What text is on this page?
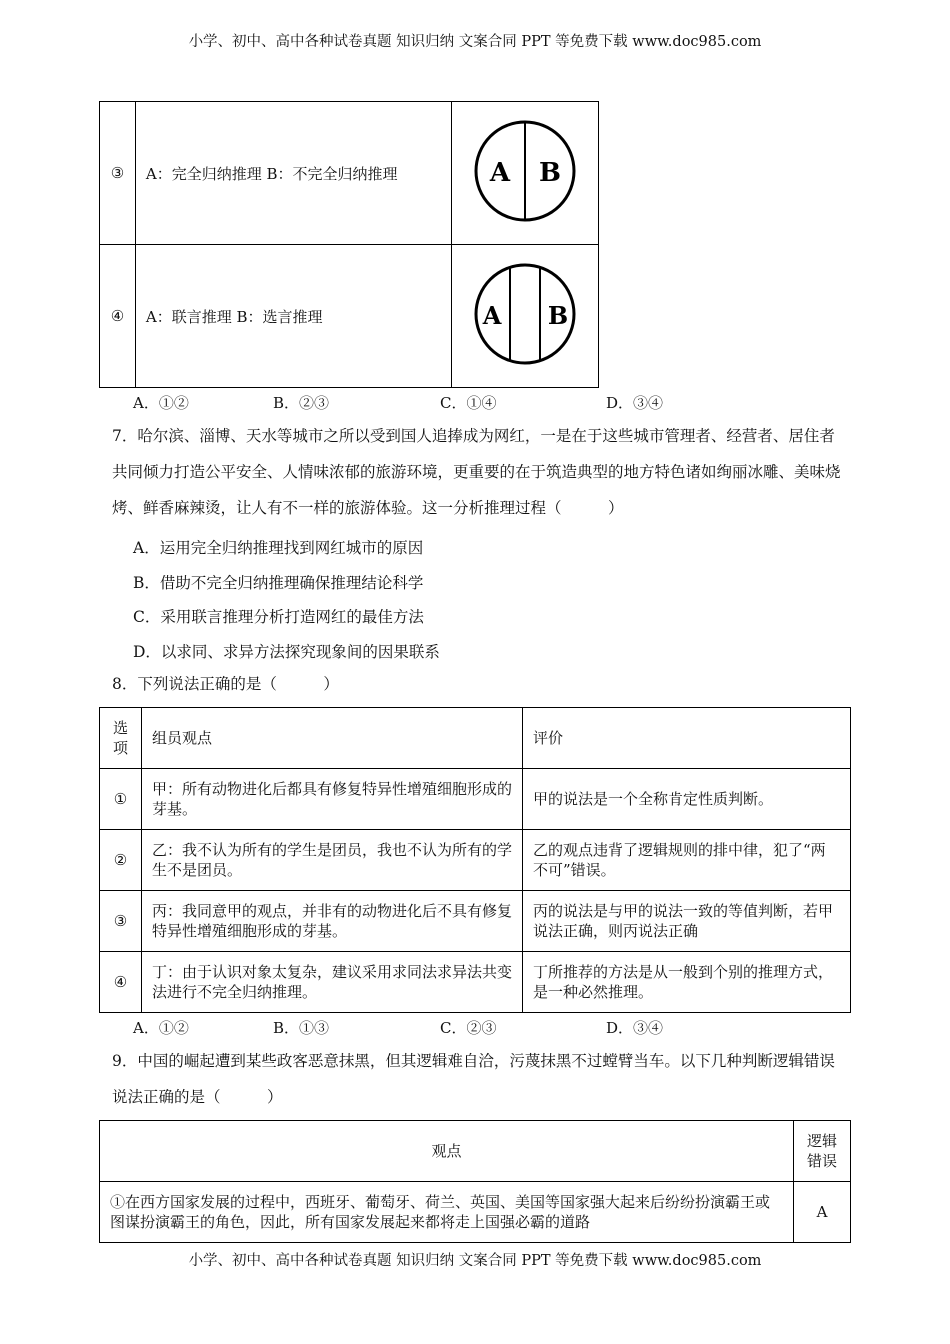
小学、初中、高中各种试卷真题 知识归纳 文案合同 PPT 等免费下载 www.doc985.com
③	A：完全归纳推理 B：不完全归纳推理	A B

④	A：联言推理 B：选言推理	A B
A．①②	B．②③	C．①④	D．③④
7．哈尔滨、淄博、天水等城市之所以受到国人追捧成为网红，一是在于这些城市管理者、经营者、居住者共同倾力打造公平安全、人情味浓郁的旅游环境，更重要的在于筑造典型的地方特色诸如绚丽冰雕、美味烧烤、鲜香麻辣烫，让人有不一样的旅游体验。这一分析推理过程（　　　）
A．运用完全归纳推理找到网红城市的原因
B．借助不完全归纳推理确保推理结论科学
C．采用联言推理分析打造网红的最佳方法
D．以求同、求异方法探究现象间的因果联系
8．下列说法正确的是（　　　）
选项	组员观点	评价
①	甲：所有动物进化后都具有修复特异性增殖细胞形成的芽基。	甲的说法是一个全称肯定性质判断。
②	乙：我不认为所有的学生是团员，我也不认为所有的学生不是团员。	乙的观点违背了逻辑规则的排中律，犯了“两不可”错误。
③	丙：我同意甲的观点，并非有的动物进化后不具有修复特异性增殖细胞形成的芽基。	丙的说法是与甲的说法一致的等值判断，若甲说法正确，则丙说法正确
④	丁：由于认识对象太复杂，建议采用求同法求异法共变法进行不完全归纳推理。	丁所推荐的方法是从一般到个别的推理方式，是一种必然推理。
A．①②	B．①③	C．②③	D．③④
9．中国的崛起遭到某些政客恶意抹黑，但其逻辑难自洽，污蔑抹黑不过螳臂当车。以下几种判断逻辑错误说法正确的是（　　　）
观点	逻辑错误
①在西方国家发展的过程中，西班牙、葡萄牙、荷兰、英国、美国等国家强大起来后纷纷扮演霸王或图谋扮演霸王的角色，因此，所有国家发展起来都将走上国强必霸的道路	A
小学、初中、高中各种试卷真题 知识归纳 文案合同 PPT 等免费下载 www.doc985.com
